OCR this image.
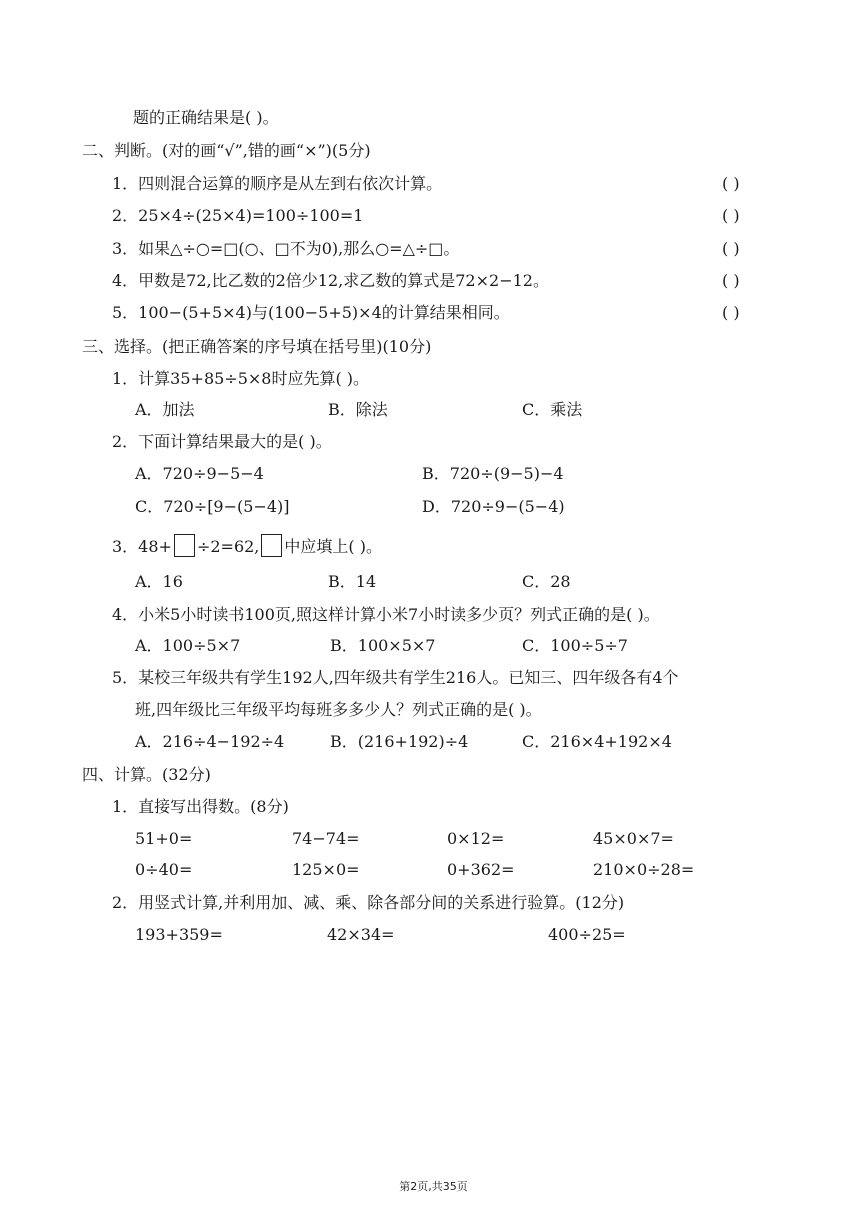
题的正确结果是( )。
二、判断。(对的画“√”,错的画“×”)(5分)
1．四则混合运算的顺序是从左到右依次计算。	( )
2．25×4÷(25×4)=100÷100=1	( )
3．如果△÷○=□(○、□不为0),那么○=△÷□。	( )
4．甲数是72,比乙数的2倍少12,求乙数的算式是72×2−12。	( )
5．100−(5+5×4)与(100−5+5)×4的计算结果相同。	( )
三、选择。(把正确答案的序号填在括号里)(10分)
1．计算35+85÷5×8时应先算( )。
A．加法	B．除法	C．乘法
2．下面计算结果最大的是( )。
A．720÷9−5−4	B．720÷(9−5)−4
C．720÷[9−(5−4)]	D．720÷9−(5−4)
3．48+ ÷2=62, 中应填上( )。
A．16	B．14	C．28
4．小米5小时读书100页,照这样计算小米7小时读多少页？列式正确的是( )。
A．100÷5×7	B．100×5×7	C．100÷5÷7
5．某校三年级共有学生192人,四年级共有学生216人。已知三、四年级各有4个
班,四年级比三年级平均每班多多少人？列式正确的是( )。
A．216÷4−192÷4	B．(216+192)÷4	C．216×4+192×4
四、计算。(32分)
1．直接写出得数。(8分)
51+0=	74−74=	0×12=	45×0×7=
0÷40=	125×0=	0+362=	210×0÷28=
2．用竖式计算,并利用加、减、乘、除各部分间的关系进行验算。(12分)
193+359=	42×34=	400÷25=
第2页,共35页
